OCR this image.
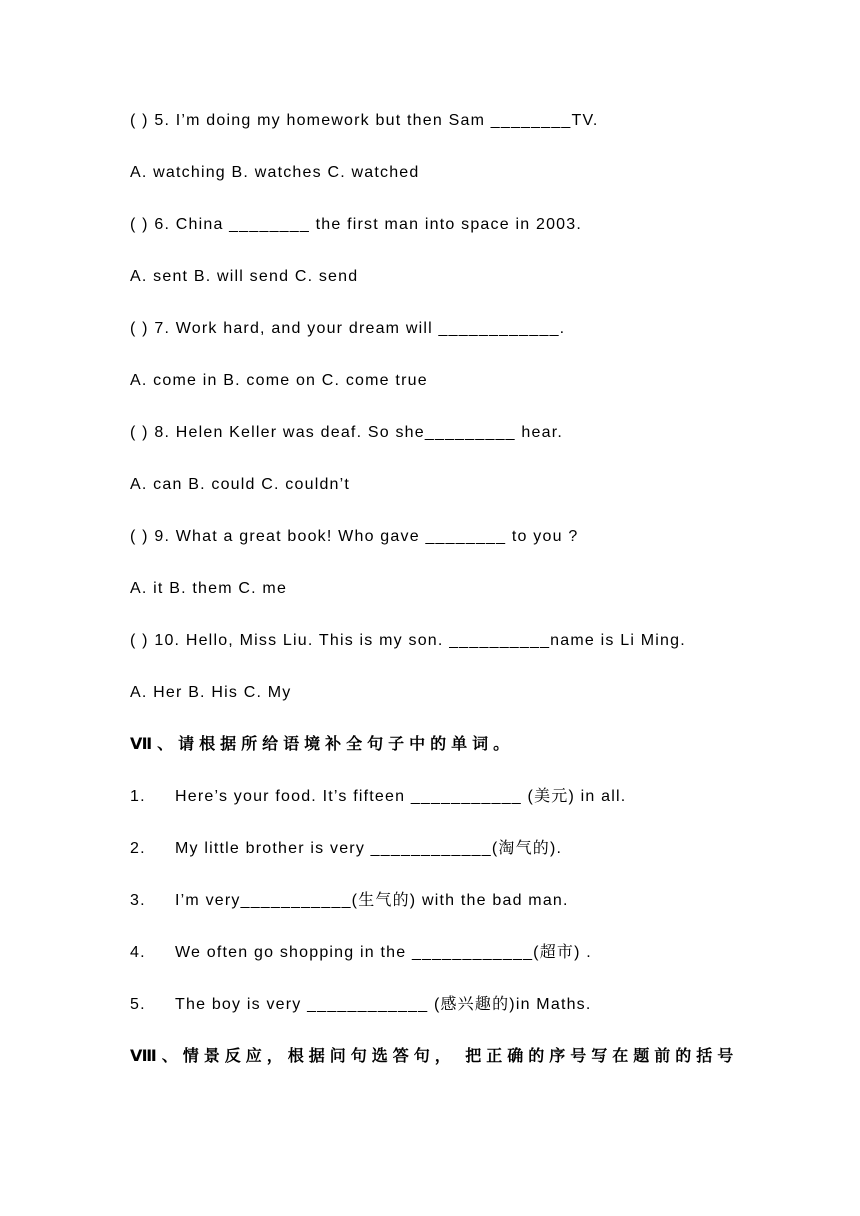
( ) 5. I’m doing my homework but then Sam ________TV.
A. watching B. watches C. watched
( ) 6. China ________ the first man into space in 2003.
A. sent B. will send C. send
( ) 7. Work hard, and your dream will ____________.
A. come in B. come on C. come true
( ) 8. Helen Keller was deaf. So she_________ hear.
A. can B. could C. couldn’t
( ) 9. What a great book! Who gave ________ to you ?
A. it B. them C. me
( ) 10. Hello, Miss Liu. This is my son. __________name is Li Ming.
A. Her B. His C. My
Ⅶ、请根据所给语境补全句子中的单词。
1. Here’s your food. It’s fifteen ___________ (美元) in all.
2. My little brother is very ____________(淘气的).
3. I’m very___________(生气的) with the bad man.
4. We often go shopping in the ____________(超市) .
5. The boy is very ____________ (感兴趣的)in Maths.
Ⅷ、情景反应，根据问句选答句， 把正确的序号写在题前的括号
